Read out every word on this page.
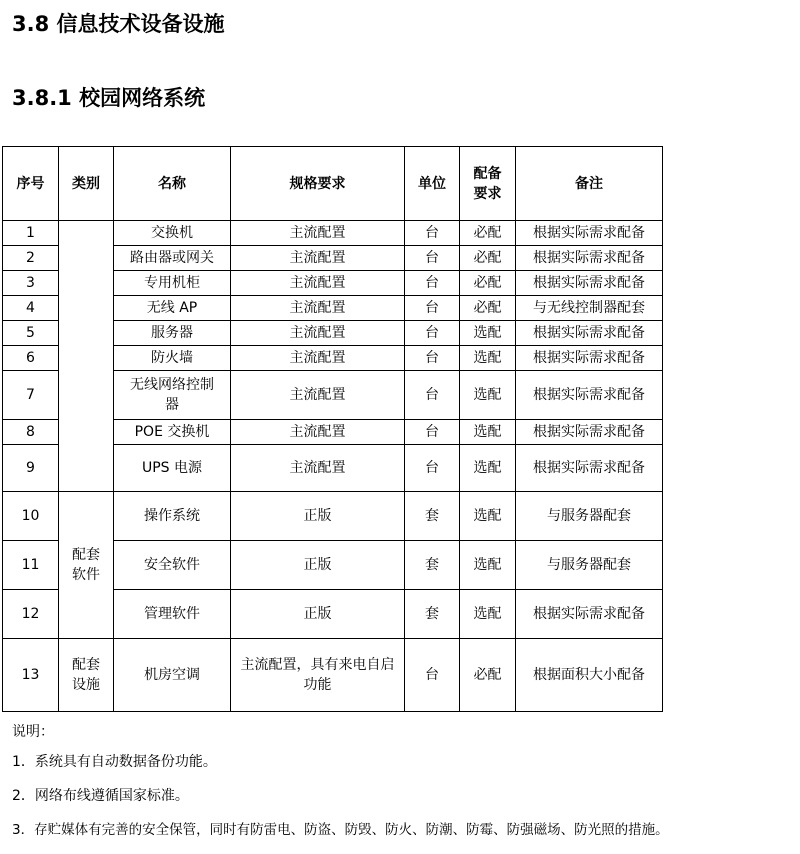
3.8 信息技术设备设施
3.8.1 校园网络系统
序号	类别	名称	规格要求	单位	配备要求	备注
1		交换机	主流配置	台	必配	根据实际需求配备
2		路由器或网关	主流配置	台	必配	根据实际需求配备
3		专用机柜	主流配置	台	必配	根据实际需求配备
4		无线 AP	主流配置	台	必配	与无线控制器配套
5		服务器	主流配置	台	选配	根据实际需求配备
6		防火墙	主流配置	台	选配	根据实际需求配备
7		无线网络控制器	主流配置	台	选配	根据实际需求配备
8		POE 交换机	主流配置	台	选配	根据实际需求配备
9		UPS 电源	主流配置	台	选配	根据实际需求配备
10	配套软件	操作系统	正版	套	选配	与服务器配套
11		安全软件	正版	套	选配	与服务器配套
12		管理软件	正版	套	选配	根据实际需求配备
13	配套设施	机房空调	主流配置，具有来电自启功能	台	必配	根据面积大小配备
说明：
1．系统具有自动数据备份功能。
2．网络布线遵循国家标准。
3．存贮媒体有完善的安全保管，同时有防雷电、防盗、防毁、防火、防潮、防霉、防强磁场、防光照的措施。
